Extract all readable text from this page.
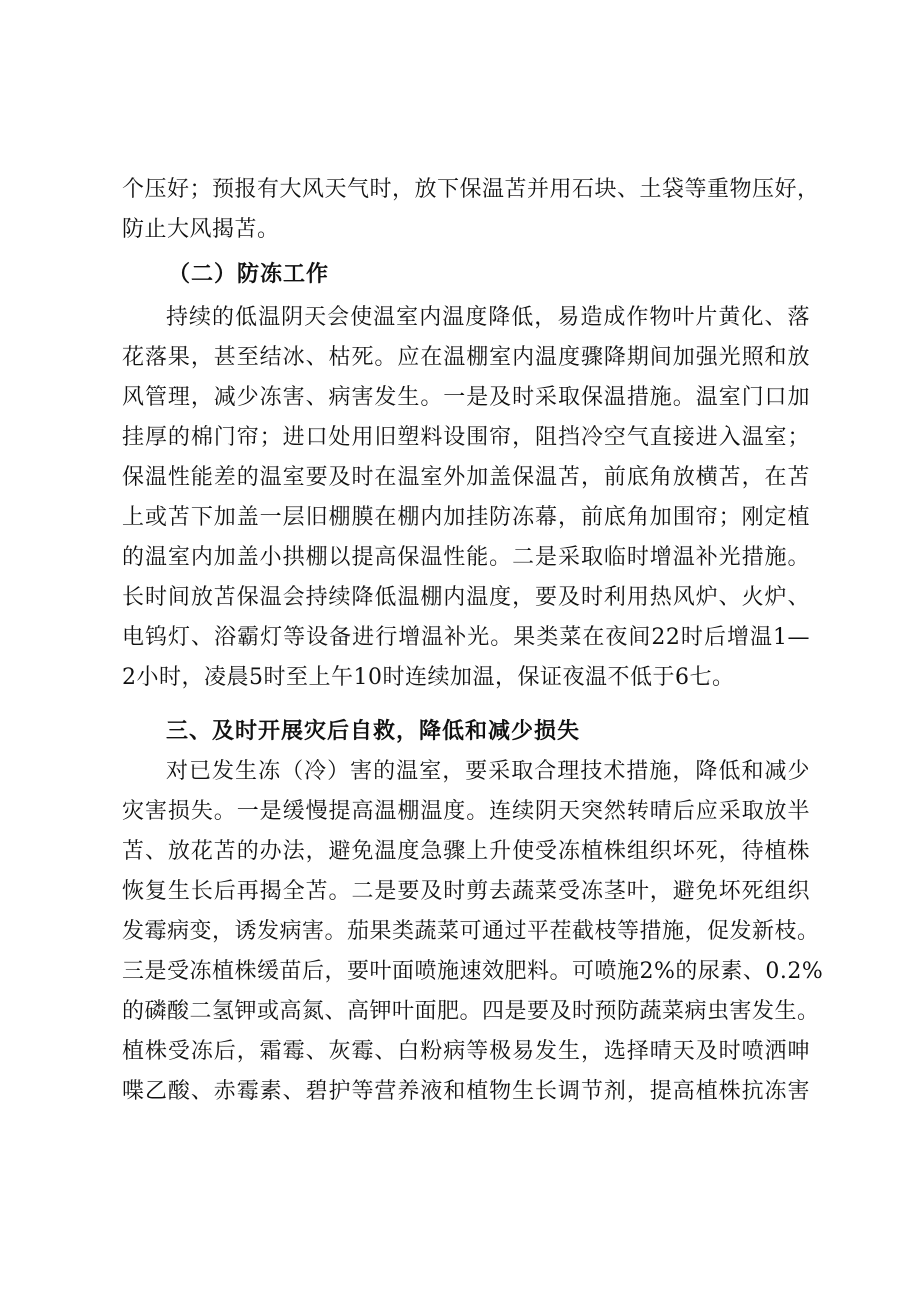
个压好；预报有大风天气时，放下保温苫并用石块、土袋等重物压好，
防止大风揭苫。
（二）防冻工作
持续的低温阴天会使温室内温度降低，易造成作物叶片黄化、落
花落果，甚至结冰、枯死。应在温棚室内温度骤降期间加强光照和放
风管理，减少冻害、病害发生。一是及时采取保温措施。温室门口加
挂厚的棉门帘；进口处用旧塑料设围帘，阻挡冷空气直接进入温室；
保温性能差的温室要及时在温室外加盖保温苫，前底角放横苫，在苫
上或苫下加盖一层旧棚膜在棚内加挂防冻幕，前底角加围帘；刚定植
的温室内加盖小拱棚以提高保温性能。二是采取临时增温补光措施。
长时间放苫保温会持续降低温棚内温度，要及时利用热风炉、火炉、
电钨灯、浴霸灯等设备进行增温补光。果类菜在夜间22时后增温1—
2小时，凌晨5时至上午10时连续加温，保证夜温不低于6七。
三、及时开展灾后自救，降低和减少损失
对已发生冻（冷）害的温室，要采取合理技术措施，降低和减少
灾害损失。一是缓慢提高温棚温度。连续阴天突然转晴后应采取放半
苫、放花苫的办法，避免温度急骤上升使受冻植株组织坏死，待植株
恢复生长后再揭全苫。二是要及时剪去蔬菜受冻茎叶，避免坏死组织
发霉病变，诱发病害。茄果类蔬菜可通过平茬截枝等措施，促发新枝。
三是受冻植株缓苗后，要叶面喷施速效肥料。可喷施2%的尿素、0.2%
的磷酸二氢钾或高氮、高钾叶面肥。四是要及时预防蔬菜病虫害发生。
植株受冻后，霜霉、灰霉、白粉病等极易发生，选择晴天及时喷洒呻
喋乙酸、赤霉素、碧护等营养液和植物生长调节剂，提高植株抗冻害
